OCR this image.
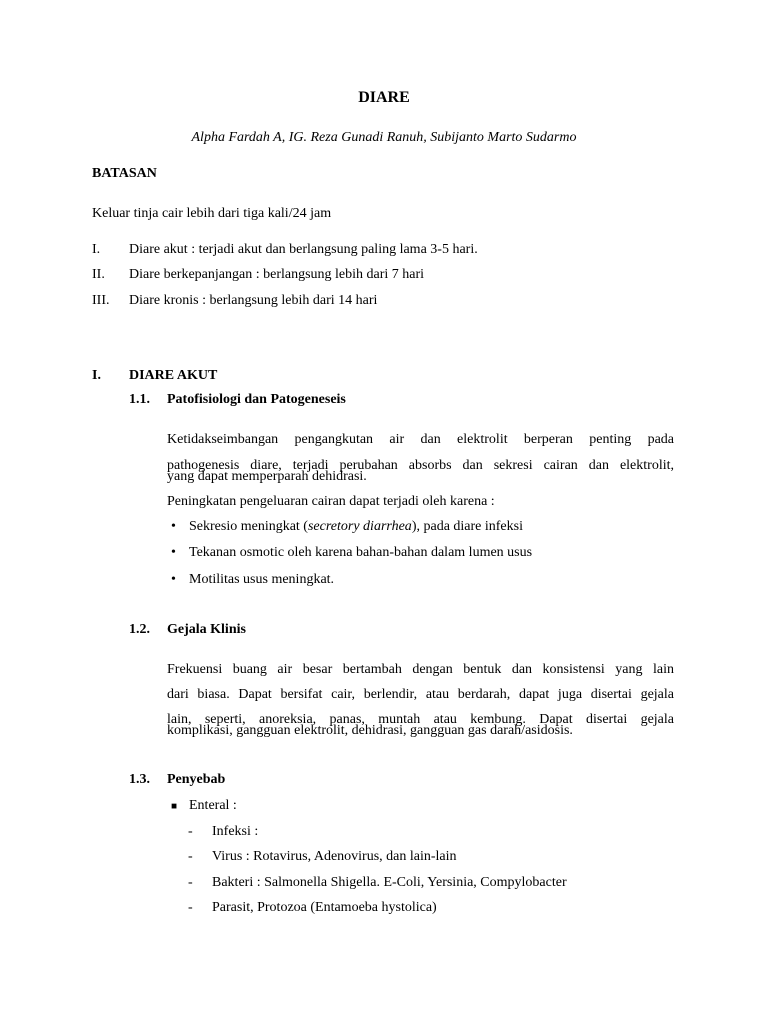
DIARE

Alpha Fardah A, IG. Reza Gunadi Ranuh, Subijanto Marto Sudarmo

BATASAN

Keluar tinja cair lebih dari tiga kali/24 jam

I. Diare akut : terjadi akut dan berlangsung paling lama 3-5 hari.

II. Diare berkepanjangan : berlangsung lebih dari 7 hari

III. Diare kronis : berlangsung lebih dari 14 hari

I. DIARE AKUT

1.1. Patofisiologi dan Patogeneseis

Ketidakseimbangan pengangkutan air dan elektrolit berperan penting pada

pathogenesis diare, terjadi perubahan absorbs dan sekresi cairan dan elektrolit,

yang dapat memperparah dehidrasi.

Peningkatan pengeluaran cairan dapat terjadi oleh karena :

• Sekresio meningkat (secretory diarrhea), pada diare infeksi

• Tekanan osmotic oleh karena bahan-bahan dalam lumen usus

• Motilitas usus meningkat.

1.2. Gejala Klinis

Frekuensi buang air besar bertambah dengan bentuk dan konsistensi yang lain

dari biasa. Dapat bersifat cair, berlendir, atau berdarah, dapat juga disertai gejala

lain, seperti, anoreksia, panas, muntah atau kembung. Dapat disertai gejala

komplikasi, gangguan elektrolit, dehidrasi, gangguan gas darah/asidosis.

1.3. Penyebab

■ Enteral :

- Infeksi :

- Virus : Rotavirus, Adenovirus, dan lain-lain

- Bakteri : Salmonella Shigella. E-Coli, Yersinia, Compylobacter

- Parasit, Protozoa (Entamoeba hystolica)
